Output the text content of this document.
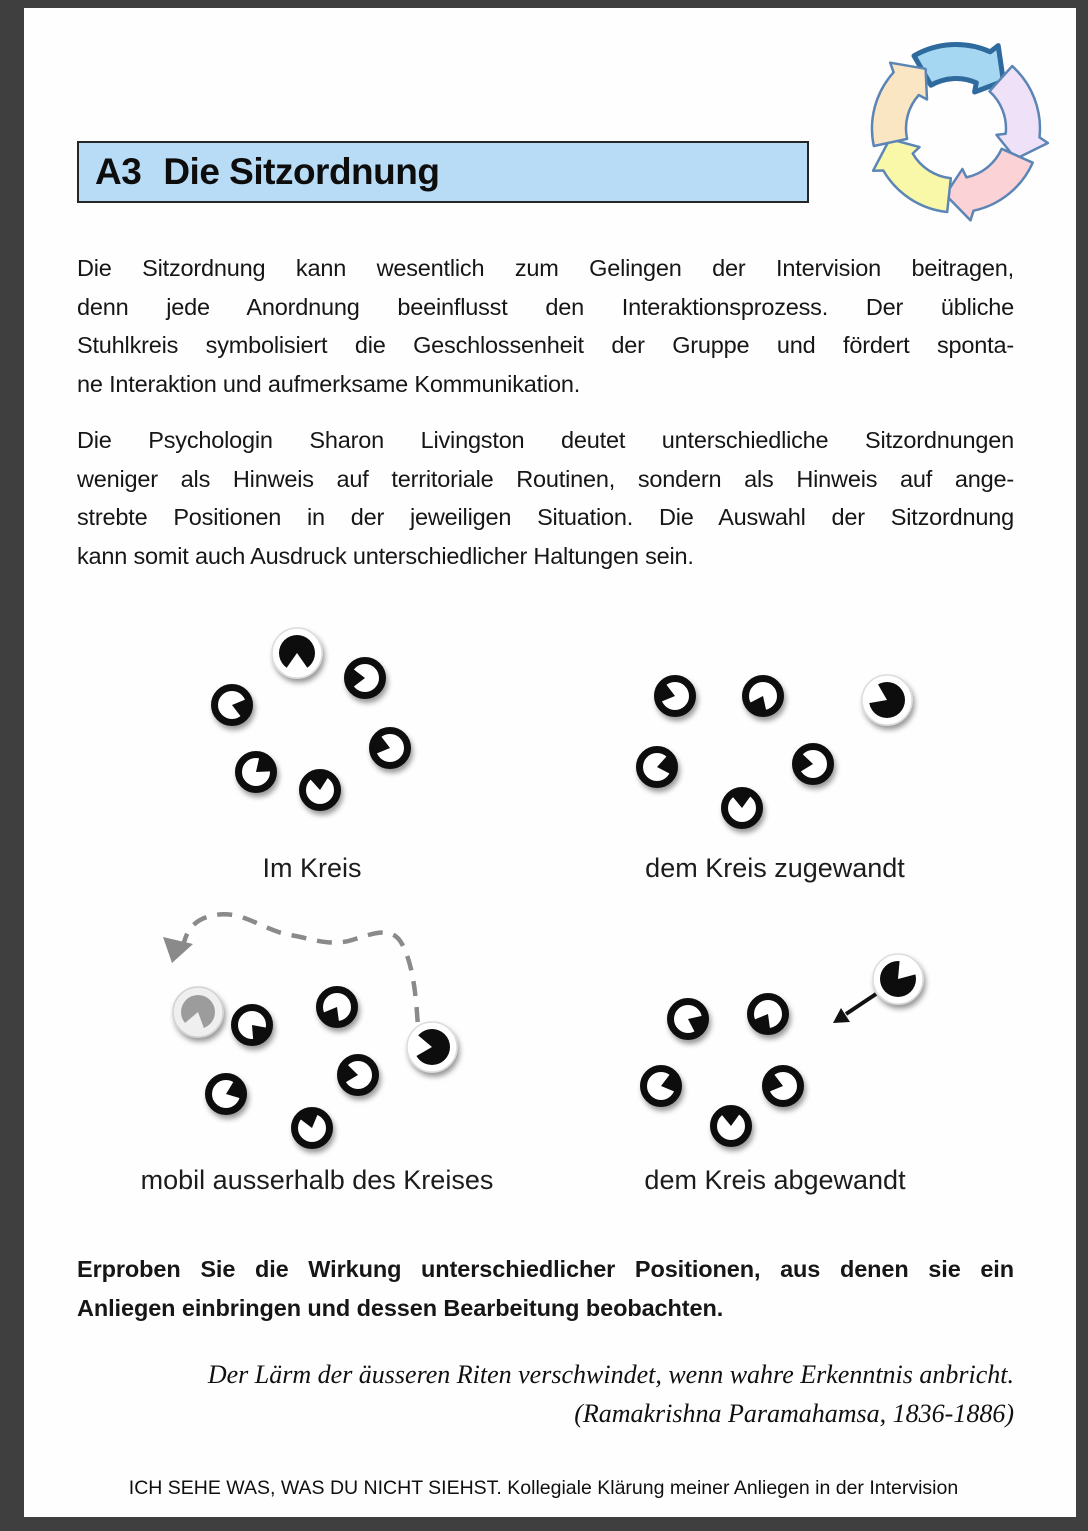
A3 Die Sitzordnung
Die Sitzordnung kann wesentlich zum Gelingen der Intervision beitragen,
denn jede Anordnung beeinflusst den Interaktionsprozess. Der übliche
Stuhlkreis symbolisiert die Geschlossenheit der Gruppe und fördert sponta-
ne Interaktion und aufmerksame Kommunikation.
Die Psychologin Sharon Livingston deutet unterschiedliche Sitzordnungen
weniger als Hinweis auf territoriale Routinen, sondern als Hinweis auf ange-
strebte Positionen in der jeweiligen Situation. Die Auswahl der Sitzordnung
kann somit auch Ausdruck unterschiedlicher Haltungen sein.
Im Kreis	dem Kreis zugewandt
mobil ausserhalb des Kreises	dem Kreis abgewandt
Erproben Sie die Wirkung unterschiedlicher Positionen, aus denen sie ein
Anliegen einbringen und dessen Bearbeitung beobachten.
Der Lärm der äusseren Riten verschwindet, wenn wahre Erkenntnis anbricht.
(Ramakrishna Paramahamsa, 1836-1886)
ICH SEHE WAS, WAS DU NICHT SIEHST. Kollegiale Klärung meiner Anliegen in der Intervision
